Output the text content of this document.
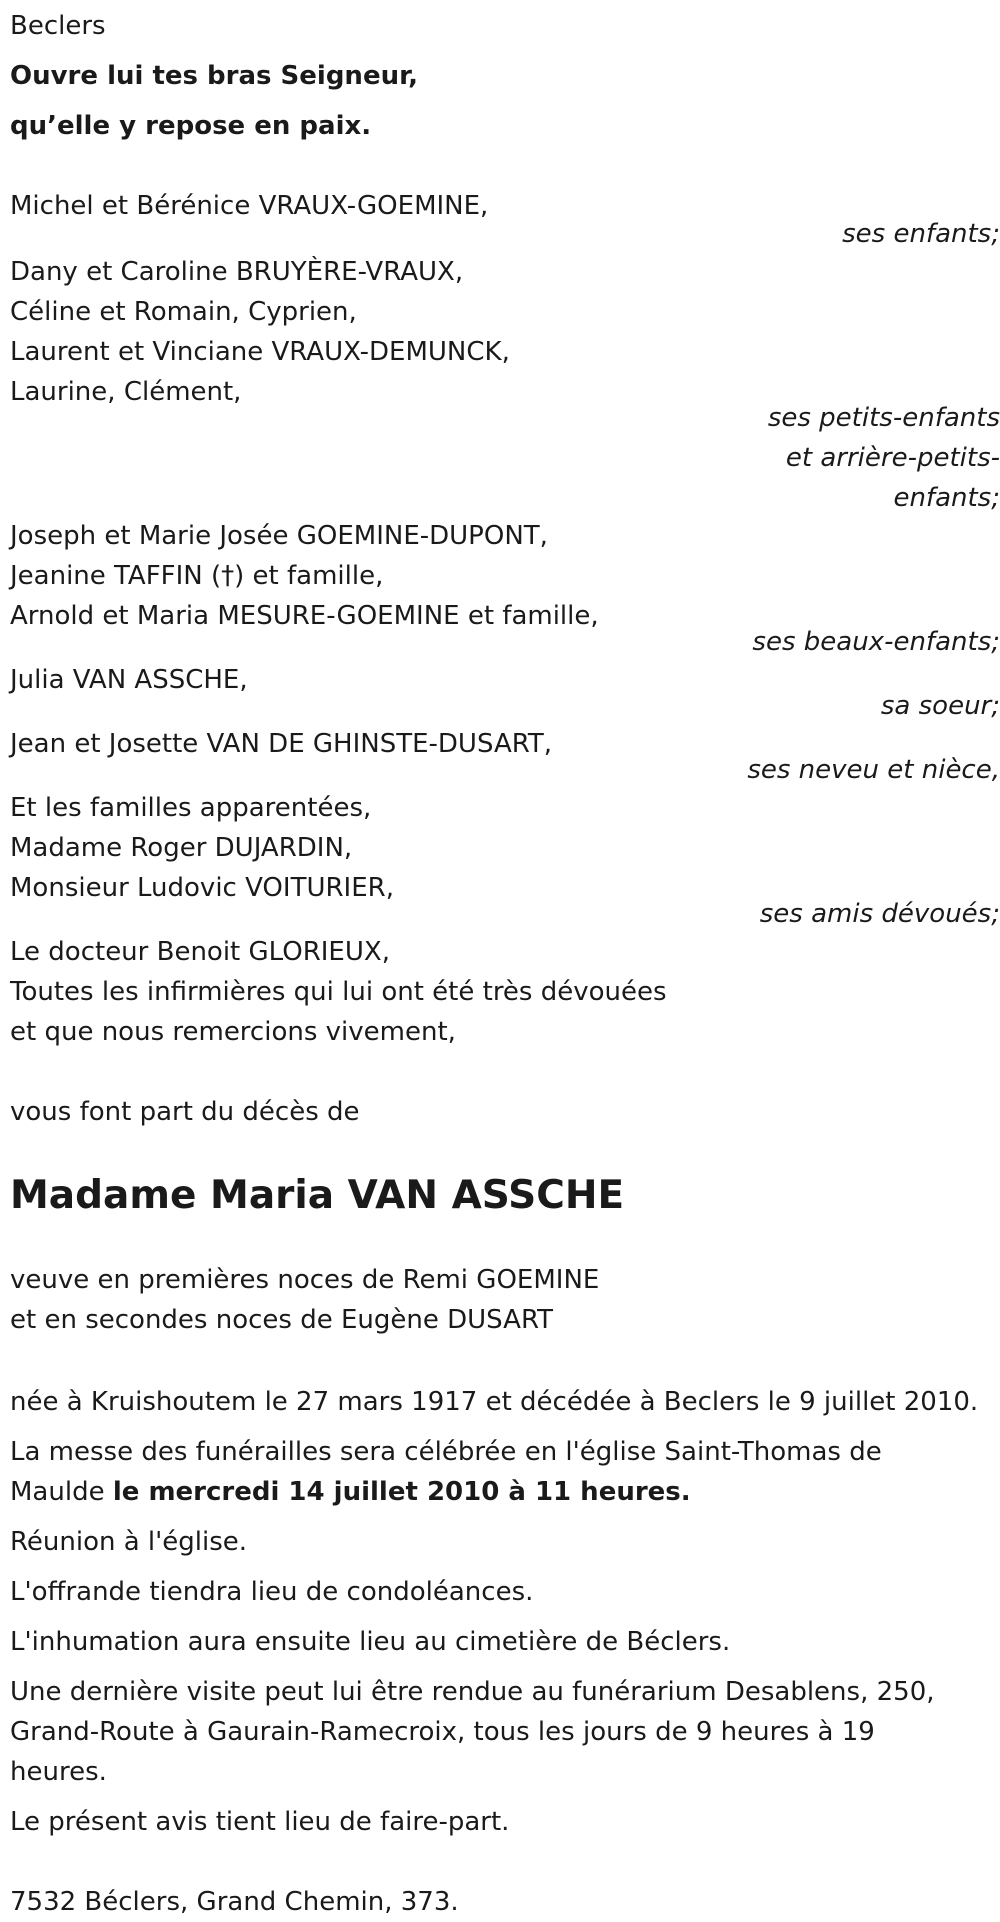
Beclers
Ouvre lui tes bras Seigneur,
qu’elle y repose en paix.
Michel et Bérénice VRAUX-GOEMINE,
ses enfants;
Dany et Caroline BRUYÈRE-VRAUX,
Céline et Romain, Cyprien,
Laurent et Vinciane VRAUX-DEMUNCK,
Laurine, Clément,
ses petits-enfants
et arrière-petits-
enfants;
Joseph et Marie Josée GOEMINE-DUPONT,
Jeanine TAFFIN (†) et famille,
Arnold et Maria MESURE-GOEMINE et famille,
ses beaux-enfants;
Julia VAN ASSCHE,
sa soeur;
Jean et Josette VAN DE GHINSTE-DUSART,
ses neveu et nièce,
Et les familles apparentées,
Madame Roger DUJARDIN,
Monsieur Ludovic VOITURIER,
ses amis dévoués;
Le docteur Benoit GLORIEUX,
Toutes les infirmières qui lui ont été très dévouées
et que nous remercions vivement,
vous font part du décès de
Madame Maria VAN ASSCHE
veuve en premières noces de Remi GOEMINE
et en secondes noces de Eugène DUSART
née à Kruishoutem le 27 mars 1917 et décédée à Beclers le 9 juillet 2010.
La messe des funérailles sera célébrée en l'église Saint-Thomas de Maulde le mercredi 14 juillet 2010 à 11 heures.
Réunion à l'église.
L'offrande tiendra lieu de condoléances.
L'inhumation aura ensuite lieu au cimetière de Béclers.
Une dernière visite peut lui être rendue au funérarium Desablens, 250, Grand-Route à Gaurain-Ramecroix, tous les jours de 9 heures à 19 heures.
Le présent avis tient lieu de faire-part.
7532 Béclers, Grand Chemin, 373.
